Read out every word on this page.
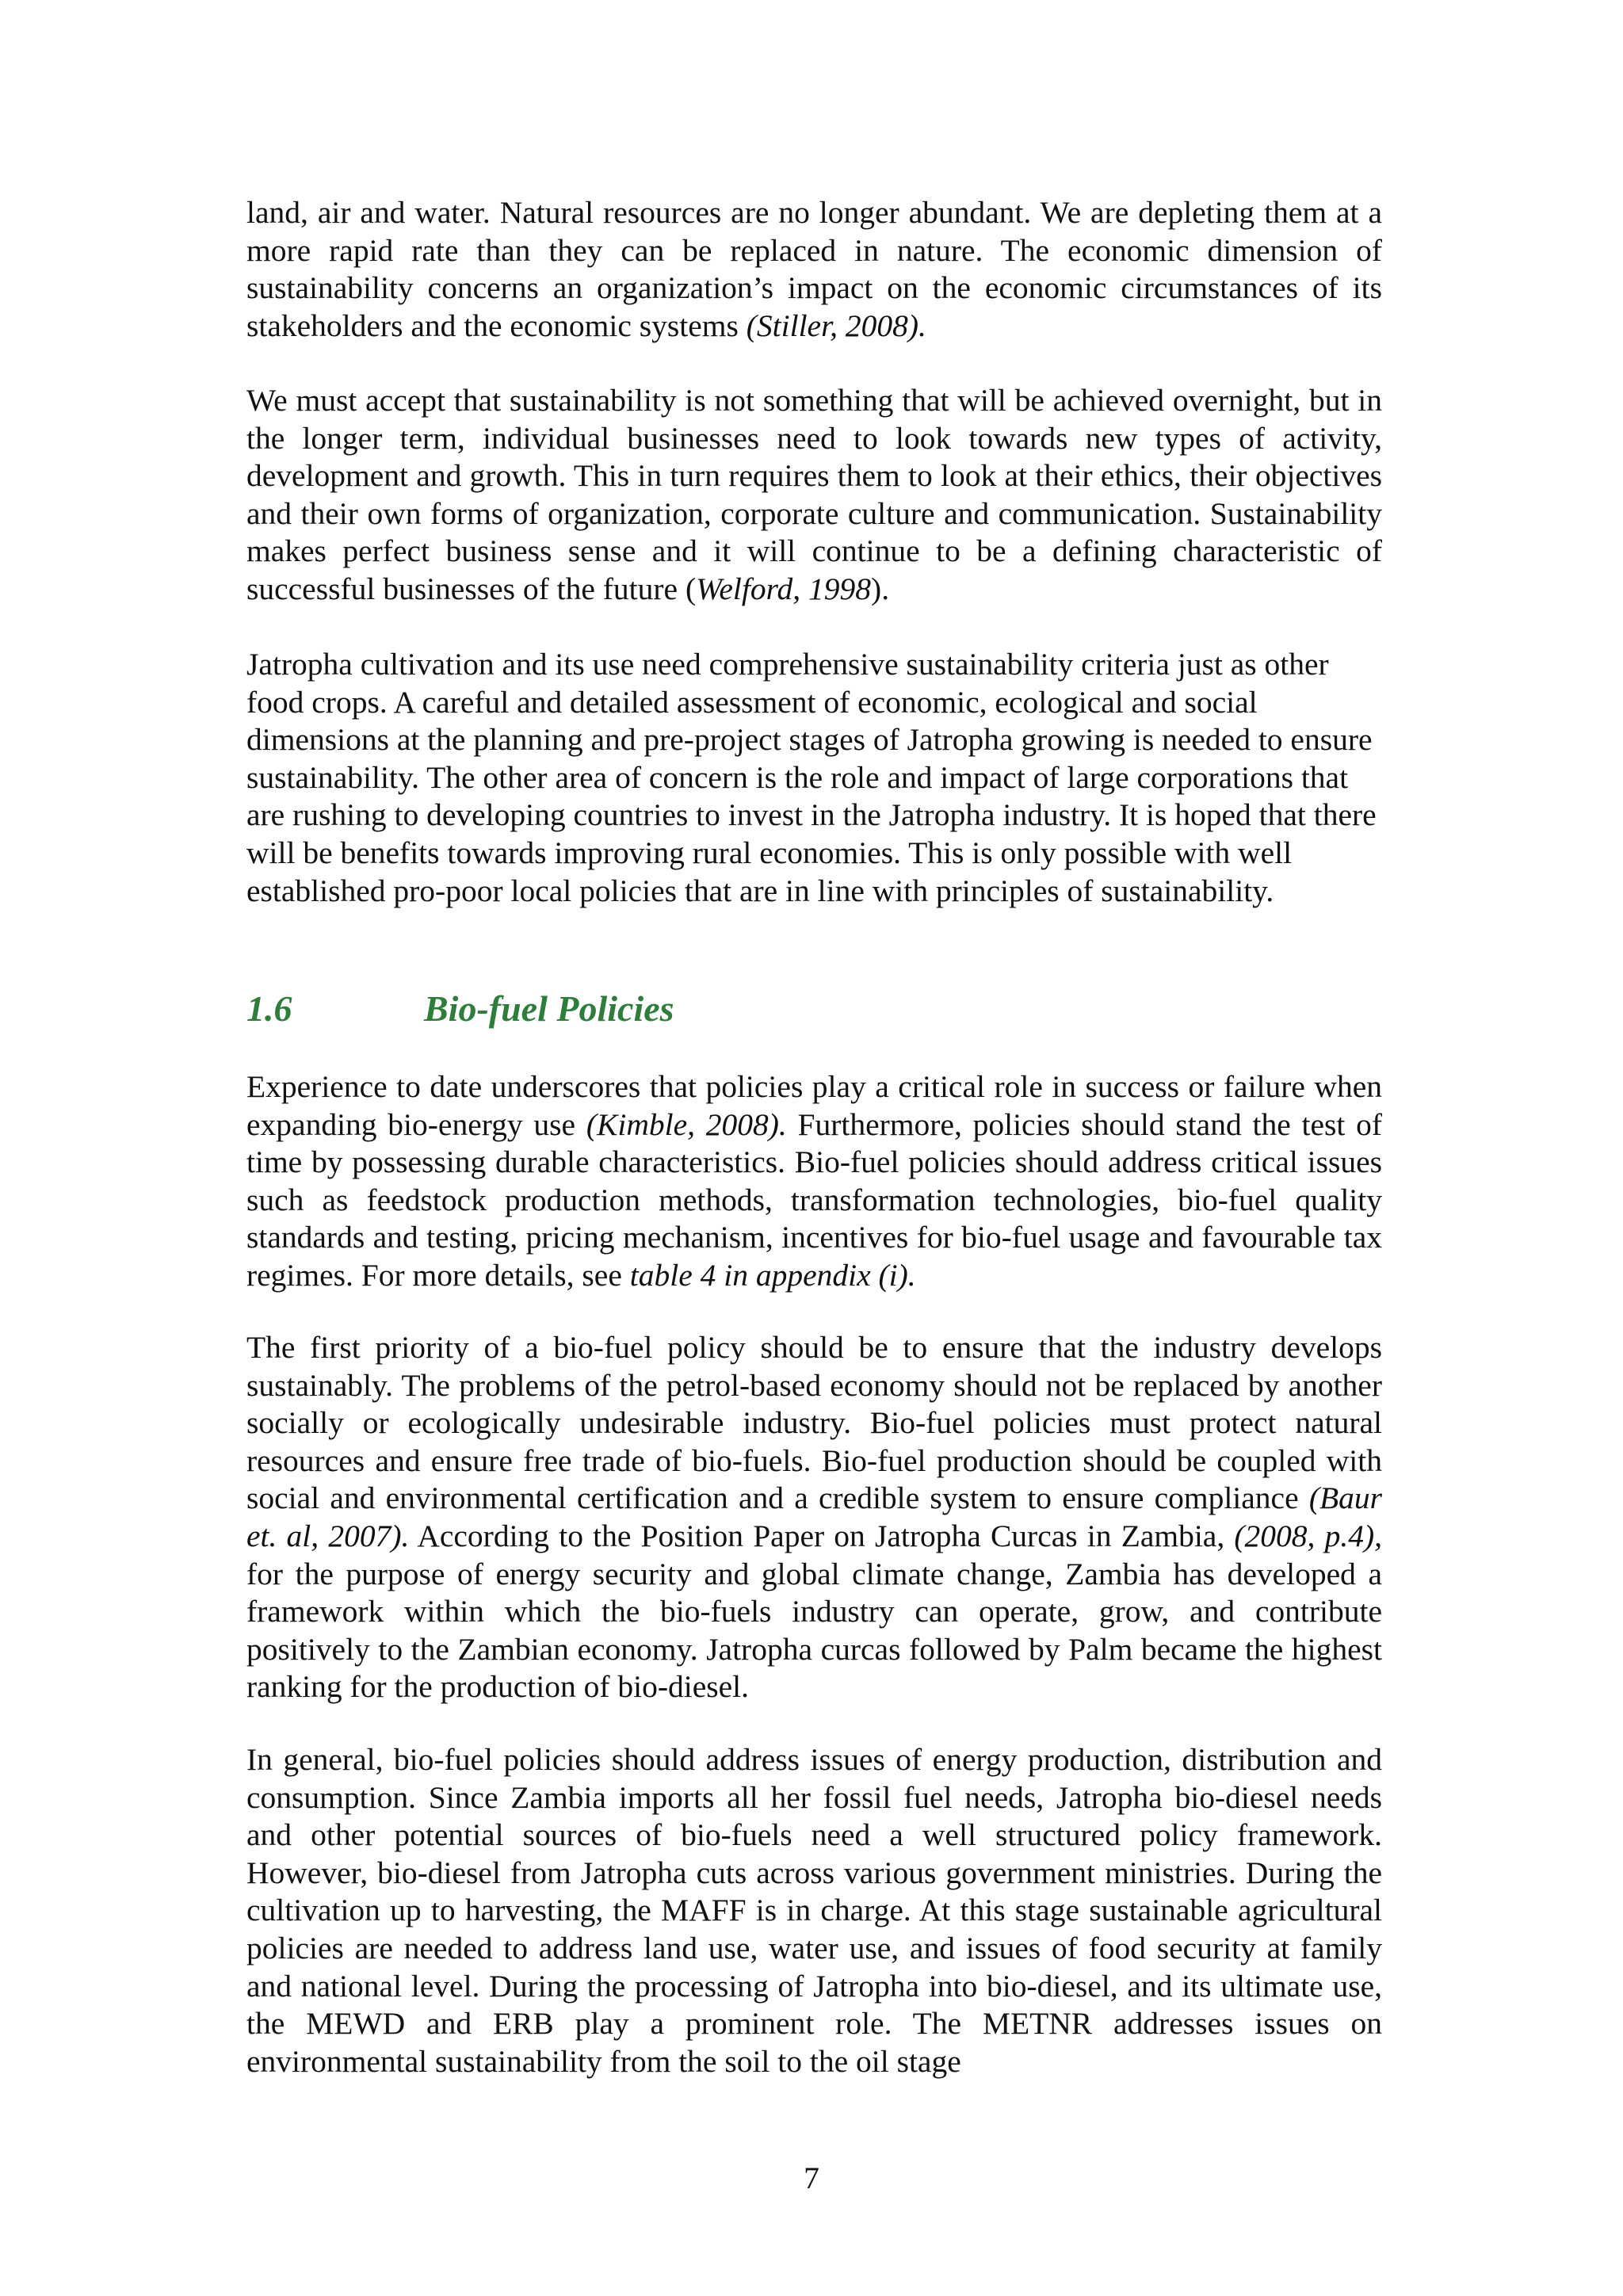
land, air and water. Natural resources are no longer abundant. We are depleting them at a more rapid rate than they can be replaced in nature. The economic dimension of sustainability concerns an organization’s impact on the economic circumstances of its stakeholders and the economic systems (Stiller, 2008).

We must accept that sustainability is not something that will be achieved overnight, but in the longer term, individual businesses need to look towards new types of activity, development and growth. This in turn requires them to look at their ethics, their objectives and their own forms of organization, corporate culture and communication. Sustainability makes perfect business sense and it will continue to be a defining characteristic of successful businesses of the future (Welford, 1998).

Jatropha cultivation and its use need comprehensive sustainability criteria just as other food crops. A careful and detailed assessment of economic, ecological and social dimensions at the planning and pre-project stages of Jatropha growing is needed to ensure sustainability. The other area of concern is the role and impact of large corporations that are rushing to developing countries to invest in the Jatropha industry. It is hoped that there will be benefits towards improving rural economies. This is only possible with well established pro-poor local policies that are in line with principles of sustainability.

1.6	Bio-fuel Policies

Experience to date underscores that policies play a critical role in success or failure when expanding bio-energy use (Kimble, 2008). Furthermore, policies should stand the test of time by possessing durable characteristics. Bio-fuel policies should address critical issues such as feedstock production methods, transformation technologies, bio-fuel quality standards and testing, pricing mechanism, incentives for bio-fuel usage and favourable tax regimes. For more details, see table 4 in appendix (i).

The first priority of a bio-fuel policy should be to ensure that the industry develops sustainably. The problems of the petrol-based economy should not be replaced by another socially or ecologically undesirable industry. Bio-fuel policies must protect natural resources and ensure free trade of bio-fuels. Bio-fuel production should be coupled with social and environmental certification and a credible system to ensure compliance (Baur et. al, 2007). According to the Position Paper on Jatropha Curcas in Zambia, (2008, p.4), for the purpose of energy security and global climate change, Zambia has developed a framework within which the bio-fuels industry can operate, grow, and contribute positively to the Zambian economy. Jatropha curcas followed by Palm became the highest ranking for the production of bio-diesel.

In general, bio-fuel policies should address issues of energy production, distribution and consumption. Since Zambia imports all her fossil fuel needs, Jatropha bio-diesel needs and other potential sources of bio-fuels need a well structured policy framework. However, bio-diesel from Jatropha cuts across various government ministries. During the cultivation up to harvesting, the MAFF is in charge. At this stage sustainable agricultural policies are needed to address land use, water use, and issues of food security at family and national level. During the processing of Jatropha into bio-diesel, and its ultimate use, the MEWD and ERB play a prominent role. The METNR addresses issues on environmental sustainability from the soil to the oil stage

7
